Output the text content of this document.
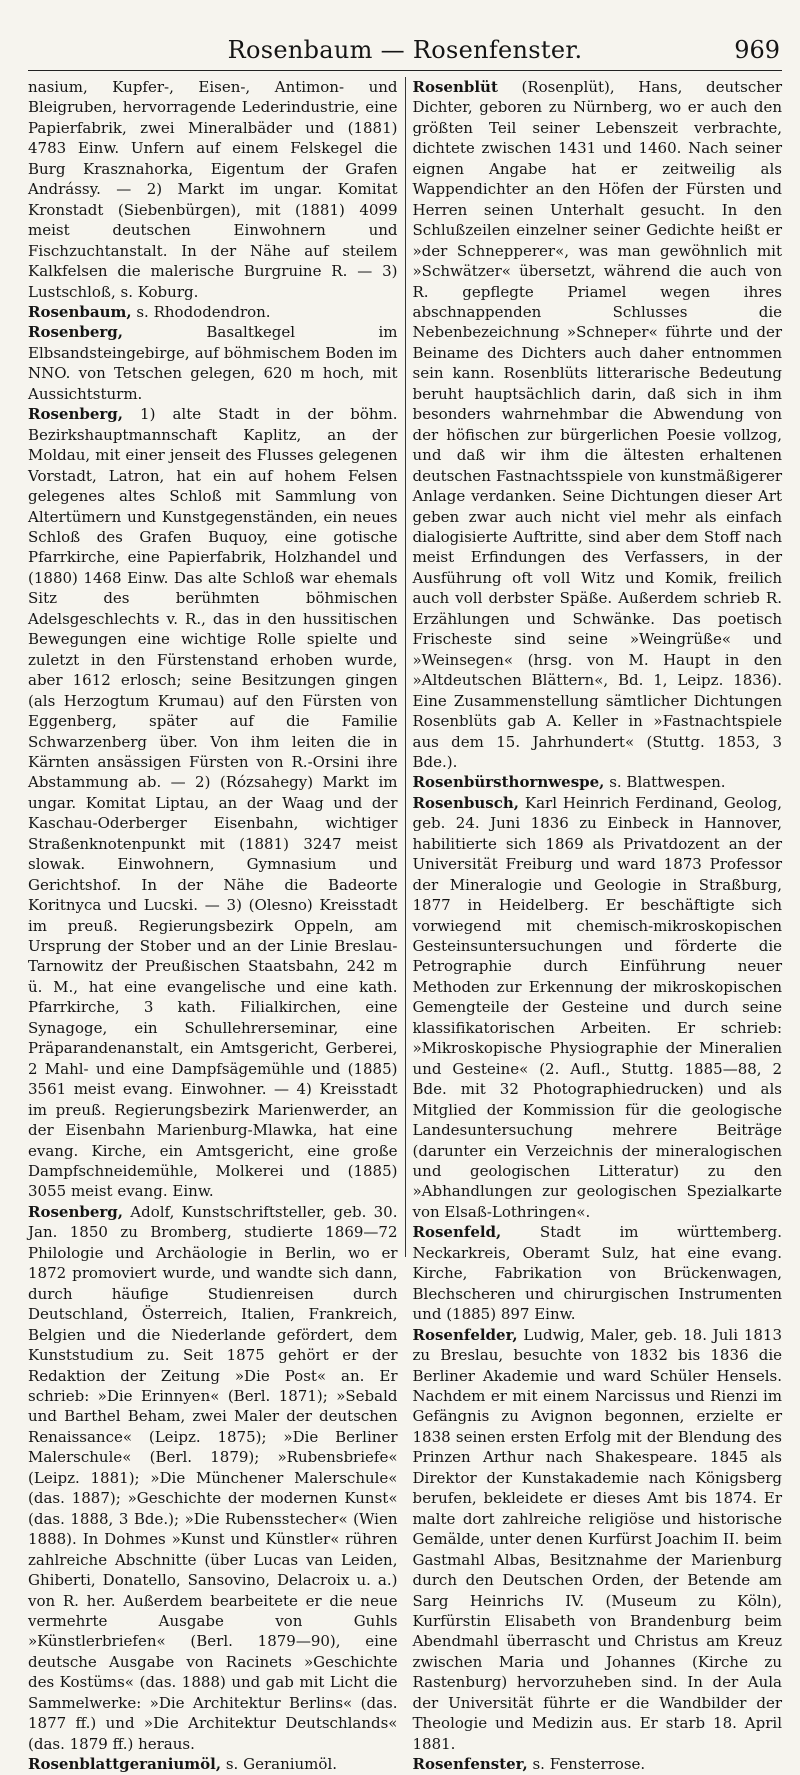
Rosenbaum — Rosenfenster.	969

nasium, Kupfer-, Eisen-, Antimon- und Bleigruben, hervorragende Lederindustrie, eine Papierfabrik, zwei Mineralbäder und (1881) 4783 Einw. Unfern auf einem Felskegel die Burg Krasznahorka, Eigentum der Grafen Andrássy. — 2) Markt im ungar. Komitat Kronstadt (Siebenbürgen), mit (1881) 4099 meist deutschen Einwohnern und Fischzuchtanstalt. In der Nähe auf steilem Kalkfelsen die malerische Burgruine R. — 3) Lustschloß, s. Koburg.

Rosenbaum, s. Rhododendron.

Rosenberg, Basaltkegel im Elbsandsteingebirge, auf böhmischem Boden im NNO. von Tetschen gelegen, 620 m hoch, mit Aussichtsturm.

Rosenberg, 1) alte Stadt in der böhm. Bezirkshauptmannschaft Kaplitz, an der Moldau, mit einer jenseit des Flusses gelegenen Vorstadt, Latron, hat ein auf hohem Felsen gelegenes altes Schloß mit Sammlung von Altertümern und Kunstgegenständen, ein neues Schloß des Grafen Buquoy, eine gotische Pfarrkirche, eine Papierfabrik, Holzhandel und (1880) 1468 Einw. Das alte Schloß war ehemals Sitz des berühmten böhmischen Adelsgeschlechts v. R., das in den hussitischen Bewegungen eine wichtige Rolle spielte und zuletzt in den Fürstenstand erhoben wurde, aber 1612 erlosch; seine Besitzungen gingen (als Herzogtum Krumau) auf den Fürsten von Eggenberg, später auf die Familie Schwarzenberg über. Von ihm leiten die in Kärnten ansässigen Fürsten von R.-Orsini ihre Abstammung ab. — 2) (Rózsahegy) Markt im ungar. Komitat Liptau, an der Waag und der Kaschau-Oderberger Eisenbahn, wichtiger Straßenknotenpunkt mit (1881) 3247 meist slowak. Einwohnern, Gymnasium und Gerichtshof. In der Nähe die Badeorte Koritnyca und Lucski. — 3) (Olesno) Kreisstadt im preuß. Regierungsbezirk Oppeln, am Ursprung der Stober und an der Linie Breslau-Tarnowitz der Preußischen Staatsbahn, 242 m ü. M., hat eine evangelische und eine kath. Pfarrkirche, 3 kath. Filialkirchen, eine Synagoge, ein Schullehrerseminar, eine Präparandenanstalt, ein Amtsgericht, Gerberei, 2 Mahl- und eine Dampfsägemühle und (1885) 3561 meist evang. Einwohner. — 4) Kreisstadt im preuß. Regierungsbezirk Marienwerder, an der Eisenbahn Marienburg-Mlawka, hat eine evang. Kirche, ein Amtsgericht, eine große Dampfschneidemühle, Molkerei und (1885) 3055 meist evang. Einw.

Rosenberg, Adolf, Kunstschriftsteller, geb. 30. Jan. 1850 zu Bromberg, studierte 1869—72 Philologie und Archäologie in Berlin, wo er 1872 promoviert wurde, und wandte sich dann, durch häufige Studienreisen durch Deutschland, Österreich, Italien, Frankreich, Belgien und die Niederlande gefördert, dem Kunststudium zu. Seit 1875 gehört er der Redaktion der Zeitung »Die Post« an. Er schrieb: »Die Erinnyen« (Berl. 1871); »Sebald und Barthel Beham, zwei Maler der deutschen Renaissance« (Leipz. 1875); »Die Berliner Malerschule« (Berl. 1879); »Rubensbriefe« (Leipz. 1881); »Die Münchener Malerschule« (das. 1887); »Geschichte der modernen Kunst« (das. 1888, 3 Bde.); »Die Rubensstecher« (Wien 1888). In Dohmes »Kunst und Künstler« rühren zahlreiche Abschnitte (über Lucas van Leiden, Ghiberti, Donatello, Sansovino, Delacroix u. a.) von R. her. Außerdem bearbeitete er die neue vermehrte Ausgabe von Guhls »Künstlerbriefen« (Berl. 1879—90), eine deutsche Ausgabe von Racinets »Geschichte des Kostüms« (das. 1888) und gab mit Licht die Sammelwerke: »Die Architektur Berlins« (das. 1877 ff.) und »Die Architektur Deutschlands« (das. 1879 ff.) heraus.

Rosenblattgeraniumöl, s. Geraniumöl.

Rosenblüt (Rosenplüt), Hans, deutscher Dichter, geboren zu Nürnberg, wo er auch den größten Teil seiner Lebenszeit verbrachte, dichtete zwischen 1431 und 1460. Nach seiner eignen Angabe hat er zeitweilig als Wappendichter an den Höfen der Fürsten und Herren seinen Unterhalt gesucht. In den Schlußzeilen einzelner seiner Gedichte heißt er »der Schnepperer«, was man gewöhnlich mit »Schwätzer« übersetzt, während die auch von R. gepflegte Priamel wegen ihres abschnappenden Schlusses die Nebenbezeichnung »Schneper« führte und der Beiname des Dichters auch daher entnommen sein kann. Rosenblüts litterarische Bedeutung beruht hauptsächlich darin, daß sich in ihm besonders wahrnehmbar die Abwendung von der höfischen zur bürgerlichen Poesie vollzog, und daß wir ihm die ältesten erhaltenen deutschen Fastnachtsspiele von kunstmäßigerer Anlage verdanken. Seine Dichtungen dieser Art geben zwar auch nicht viel mehr als einfach dialogisierte Auftritte, sind aber dem Stoff nach meist Erfindungen des Verfassers, in der Ausführung oft voll Witz und Komik, freilich auch voll derbster Späße. Außerdem schrieb R. Erzählungen und Schwänke. Das poetisch Frischeste sind seine »Weingrüße« und »Weinsegen« (hrsg. von M. Haupt in den »Altdeutschen Blättern«, Bd. 1, Leipz. 1836). Eine Zusammenstellung sämtlicher Dichtungen Rosenblüts gab A. Keller in »Fastnachtspiele aus dem 15. Jahrhundert« (Stuttg. 1853, 3 Bde.).

Rosenbürsthornwespe, s. Blattwespen.

Rosenbusch, Karl Heinrich Ferdinand, Geolog, geb. 24. Juni 1836 zu Einbeck in Hannover, habilitierte sich 1869 als Privatdozent an der Universität Freiburg und ward 1873 Professor der Mineralogie und Geologie in Straßburg, 1877 in Heidelberg. Er beschäftigte sich vorwiegend mit chemisch-mikroskopischen Gesteinsuntersuchungen und förderte die Petrographie durch Einführung neuer Methoden zur Erkennung der mikroskopischen Gemengteile der Gesteine und durch seine klassifikatorischen Arbeiten. Er schrieb: »Mikroskopische Physiographie der Mineralien und Gesteine« (2. Aufl., Stuttg. 1885—88, 2 Bde. mit 32 Photographiedrucken) und als Mitglied der Kommission für die geologische Landesuntersuchung mehrere Beiträge (darunter ein Verzeichnis der mineralogischen und geologischen Litteratur) zu den »Abhandlungen zur geologischen Spezialkarte von Elsaß-Lothringen«.

Rosenfeld, Stadt im württemberg. Neckarkreis, Oberamt Sulz, hat eine evang. Kirche, Fabrikation von Brückenwagen, Blechscheren und chirurgischen Instrumenten und (1885) 897 Einw.

Rosenfelder, Ludwig, Maler, geb. 18. Juli 1813 zu Breslau, besuchte von 1832 bis 1836 die Berliner Akademie und ward Schüler Hensels. Nachdem er mit einem Narcissus und Rienzi im Gefängnis zu Avignon begonnen, erzielte er 1838 seinen ersten Erfolg mit der Blendung des Prinzen Arthur nach Shakespeare. 1845 als Direktor der Kunstakademie nach Königsberg berufen, bekleidete er dieses Amt bis 1874. Er malte dort zahlreiche religiöse und historische Gemälde, unter denen Kurfürst Joachim II. beim Gastmahl Albas, Besitznahme der Marienburg durch den Deutschen Orden, der Betende am Sarg Heinrichs IV. (Museum zu Köln), Kurfürstin Elisabeth von Brandenburg beim Abendmahl überrascht und Christus am Kreuz zwischen Maria und Johannes (Kirche zu Rastenburg) hervorzuheben sind. In der Aula der Universität führte er die Wandbilder der Theologie und Medizin aus. Er starb 18. April 1881.

Rosenfenster, s. Fensterrose.
